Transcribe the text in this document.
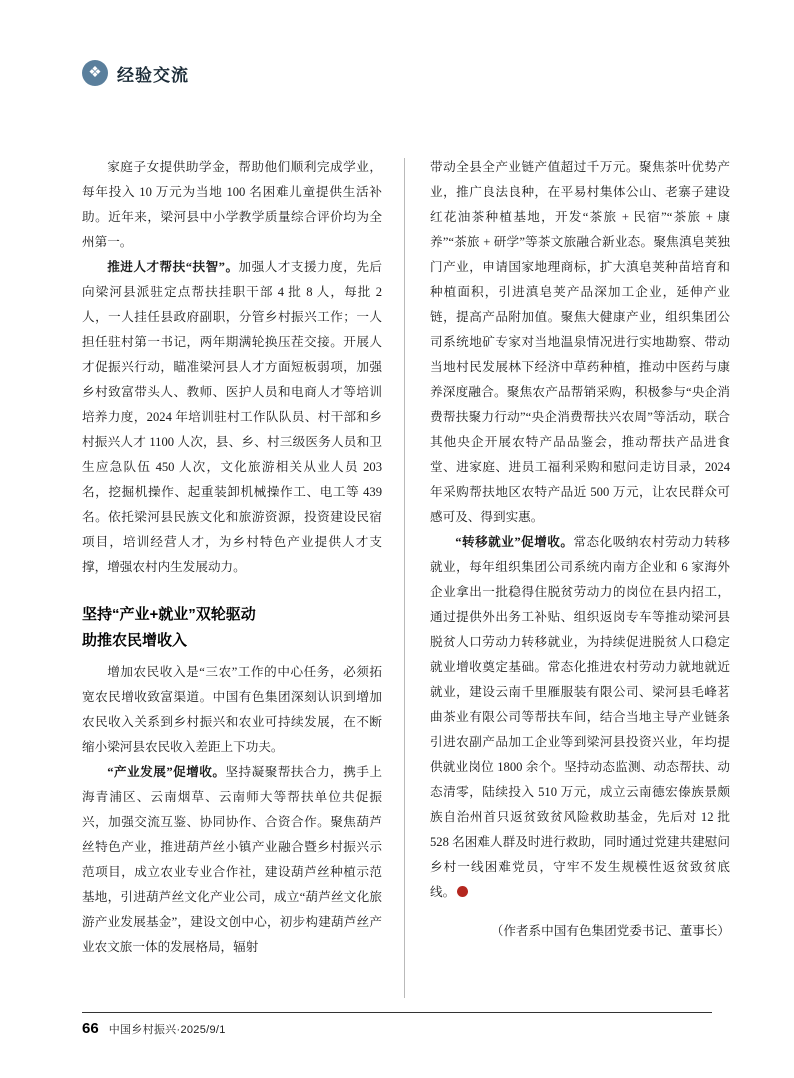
❖ 经验交流

家庭子女提供助学金，帮助他们顺利完成学业，每年投入 10 万元为当地 100 名困难儿童提供生活补助。近年来，梁河县中小学教学质量综合评价均为全州第一。

推进人才帮扶“扶智”。加强人才支援力度，先后向梁河县派驻定点帮扶挂职干部 4 批 8 人，每批 2 人，一人挂任县政府副职，分管乡村振兴工作；一人担任驻村第一书记，两年期满轮换压茬交接。开展人才促振兴行动，瞄准梁河县人才方面短板弱项，加强乡村致富带头人、教师、医护人员和电商人才等培训培养力度，2024 年培训驻村工作队队员、村干部和乡村振兴人才 1100 人次，县、乡、村三级医务人员和卫生应急队伍 450 人次，文化旅游相关从业人员 203 名，挖掘机操作、起重装卸机械操作工、电工等 439 名。依托梁河县民族文化和旅游资源，投资建设民宿项目，培训经营人才，为乡村特色产业提供人才支撑，增强农村内生发展动力。

坚持“产业+就业”双轮驱动
助推农民增收入

增加农民收入是“三农”工作的中心任务，必须拓宽农民增收致富渠道。中国有色集团深刻认识到增加农民收入关系到乡村振兴和农业可持续发展，在不断缩小梁河县农民收入差距上下功夫。

“产业发展”促增收。坚持凝聚帮扶合力，携手上海青浦区、云南烟草、云南师大等帮扶单位共促振兴，加强交流互鉴、协同协作、合资合作。聚焦葫芦丝特色产业，推进葫芦丝小镇产业融合暨乡村振兴示范项目，成立农业专业合作社，建设葫芦丝种植示范基地，引进葫芦丝文化产业公司，成立“葫芦丝文化旅游产业发展基金”，建设文创中心，初步构建葫芦丝产业农文旅一体的发展格局，辐射

带动全县全产业链产值超过千万元。聚焦茶叶优势产业，推广良法良种，在平易村集体公山、老寨子建设红花油茶种植基地，开发“茶旅 + 民宿”“茶旅 + 康养”“茶旅 + 研学”等茶文旅融合新业态。聚焦滇皂荚独门产业，申请国家地理商标，扩大滇皂荚种苗培育和种植面积，引进滇皂荚产品深加工企业，延伸产业链，提高产品附加值。聚焦大健康产业，组织集团公司系统地矿专家对当地温泉情况进行实地勘察、带动当地村民发展林下经济中草药种植，推动中医药与康养深度融合。聚焦农产品帮销采购，积极参与“央企消费帮扶聚力行动”“央企消费帮扶兴农周”等活动，联合其他央企开展农特产品品鉴会，推动帮扶产品进食堂、进家庭、进员工福利采购和慰问走访目录，2024 年采购帮扶地区农特产品近 500 万元，让农民群众可感可及、得到实惠。

“转移就业”促增收。常态化吸纳农村劳动力转移就业，每年组织集团公司系统内南方企业和 6 家海外企业拿出一批稳得住脱贫劳动力的岗位在县内招工，通过提供外出务工补贴、组织返岗专车等推动梁河县脱贫人口劳动力转移就业，为持续促进脱贫人口稳定就业增收奠定基础。常态化推进农村劳动力就地就近就业，建设云南千里雁服装有限公司、梁河县毛峰茗曲茶业有限公司等帮扶车间，结合当地主导产业链条引进农副产品加工企业等到梁河县投资兴业，年均提供就业岗位 1800 余个。坚持动态监测、动态帮扶、动态清零，陆续投入 510 万元，成立云南德宏傣族景颇族自治州首只返贫致贫风险救助基金，先后对 12 批 528 名困难人群及时进行救助，同时通过党建共建慰问乡村一线困难党员，守牢不发生规模性返贫致贫底线。

（作者系中国有色集团党委书记、董事长）

66 中国乡村振兴·2025/9/1
